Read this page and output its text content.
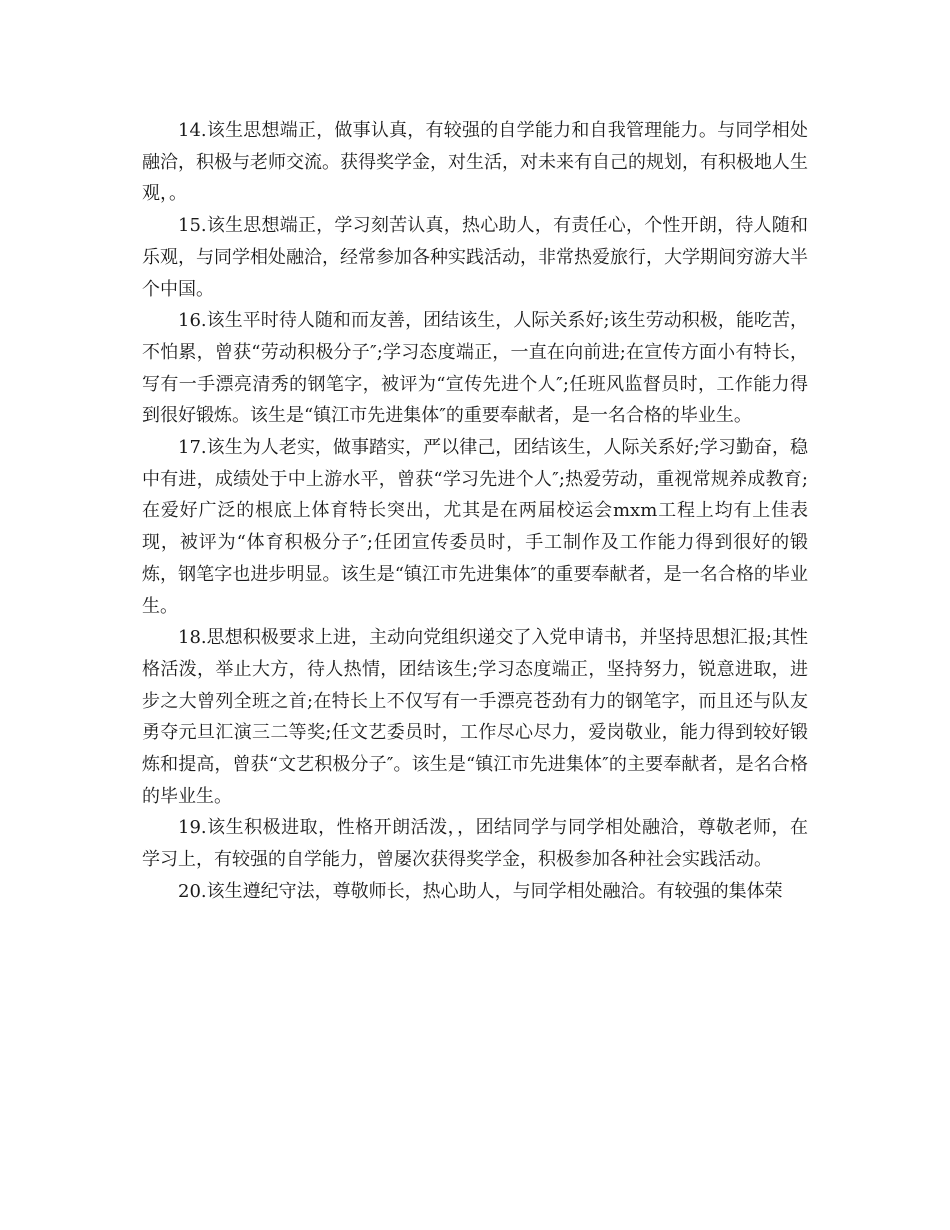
14.该生思想端正，做事认真，有较强的自学能力和自我管理能力。与同学相处融洽，积极与老师交流。获得奖学金，对生活，对未来有自己的规划，有积极地人生观，。

15.该生思想端正，学习刻苦认真，热心助人，有责任心，个性开朗，待人随和乐观，与同学相处融洽，经常参加各种实践活动，非常热爱旅行，大学期间穷游大半个中国。

16.该生平时待人随和而友善，团结该生，人际关系好;该生劳动积极，能吃苦，不怕累，曾获“劳动积极分子″;学习态度端正，一直在向前进;在宣传方面小有特长，写有一手漂亮清秀的钢笔字，被评为“宣传先进个人″;任班风监督员时，工作能力得到很好锻炼。该生是“镇江市先进集体″的重要奉献者，是一名合格的毕业生。

17.该生为人老实，做事踏实，严以律己，团结该生，人际关系好;学习勤奋，稳中有进，成绩处于中上游水平，曾获“学习先进个人″;热爱劳动，重视常规养成教育;在爱好广泛的根底上体育特长突出，尤其是在两届校运会mxm工程上均有上佳表现，被评为“体育积极分子″;任团宣传委员时，手工制作及工作能力得到很好的锻炼，钢笔字也进步明显。该生是“镇江市先进集体″的重要奉献者，是一名合格的毕业生。

18.思想积极要求上进，主动向党组织递交了入党申请书，并坚持思想汇报;其性格活泼，举止大方，待人热情，团结该生;学习态度端正，坚持努力，锐意进取，进步之大曾列全班之首;在特长上不仅写有一手漂亮苍劲有力的钢笔字，而且还与队友勇夺元旦汇演三二等奖;任文艺委员时，工作尽心尽力，爱岗敬业，能力得到较好锻炼和提高，曾获“文艺积极分子″。该生是“镇江市先进集体″的主要奉献者，是名合格的毕业生。

19.该生积极进取，性格开朗活泼，，团结同学与同学相处融洽，尊敬老师，在学习上，有较强的自学能力，曾屡次获得奖学金，积极参加各种社会实践活动。

20.该生遵纪守法，尊敬师长，热心助人，与同学相处融洽。有较强的集体荣
